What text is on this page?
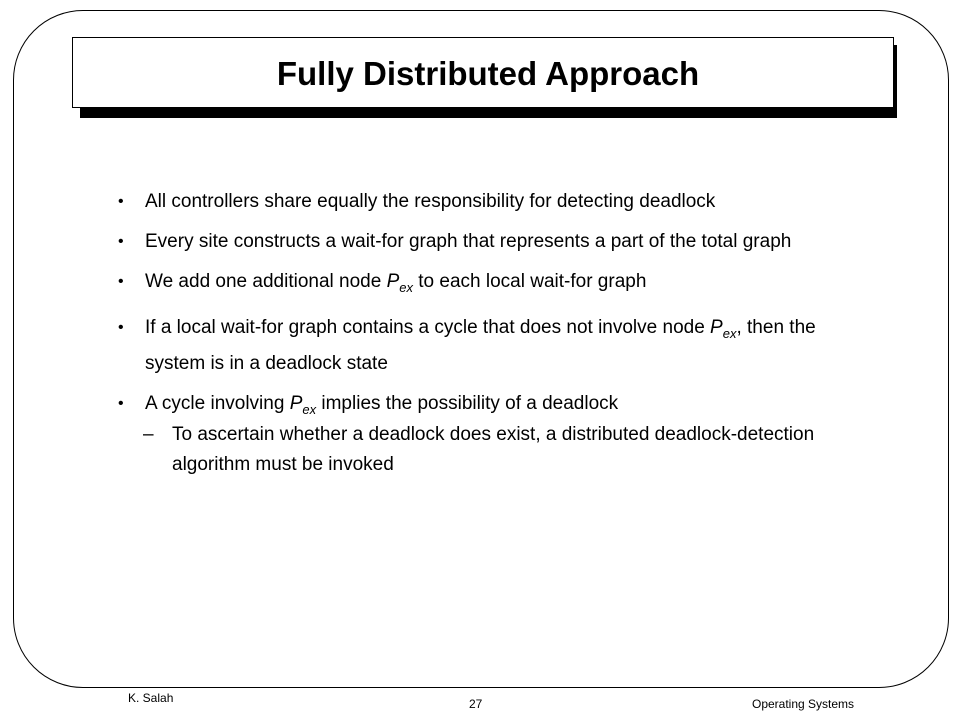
Fully Distributed Approach
•	All controllers share equally the responsibility for detecting deadlock
•	Every site constructs a wait-for graph that represents a part of the total graph
•	We add one additional node $P_{ex}$ to each local wait-for graph
•	If a local wait-for graph contains a cycle that does not involve node $P_{ex}$, then the system is in a deadlock state
•	A cycle involving $P_{ex}$ implies the possibility of a deadlock
– To ascertain whether a deadlock does exist, a distributed deadlock-detection algorithm must be invoked
K. Salah	27	Operating Systems
